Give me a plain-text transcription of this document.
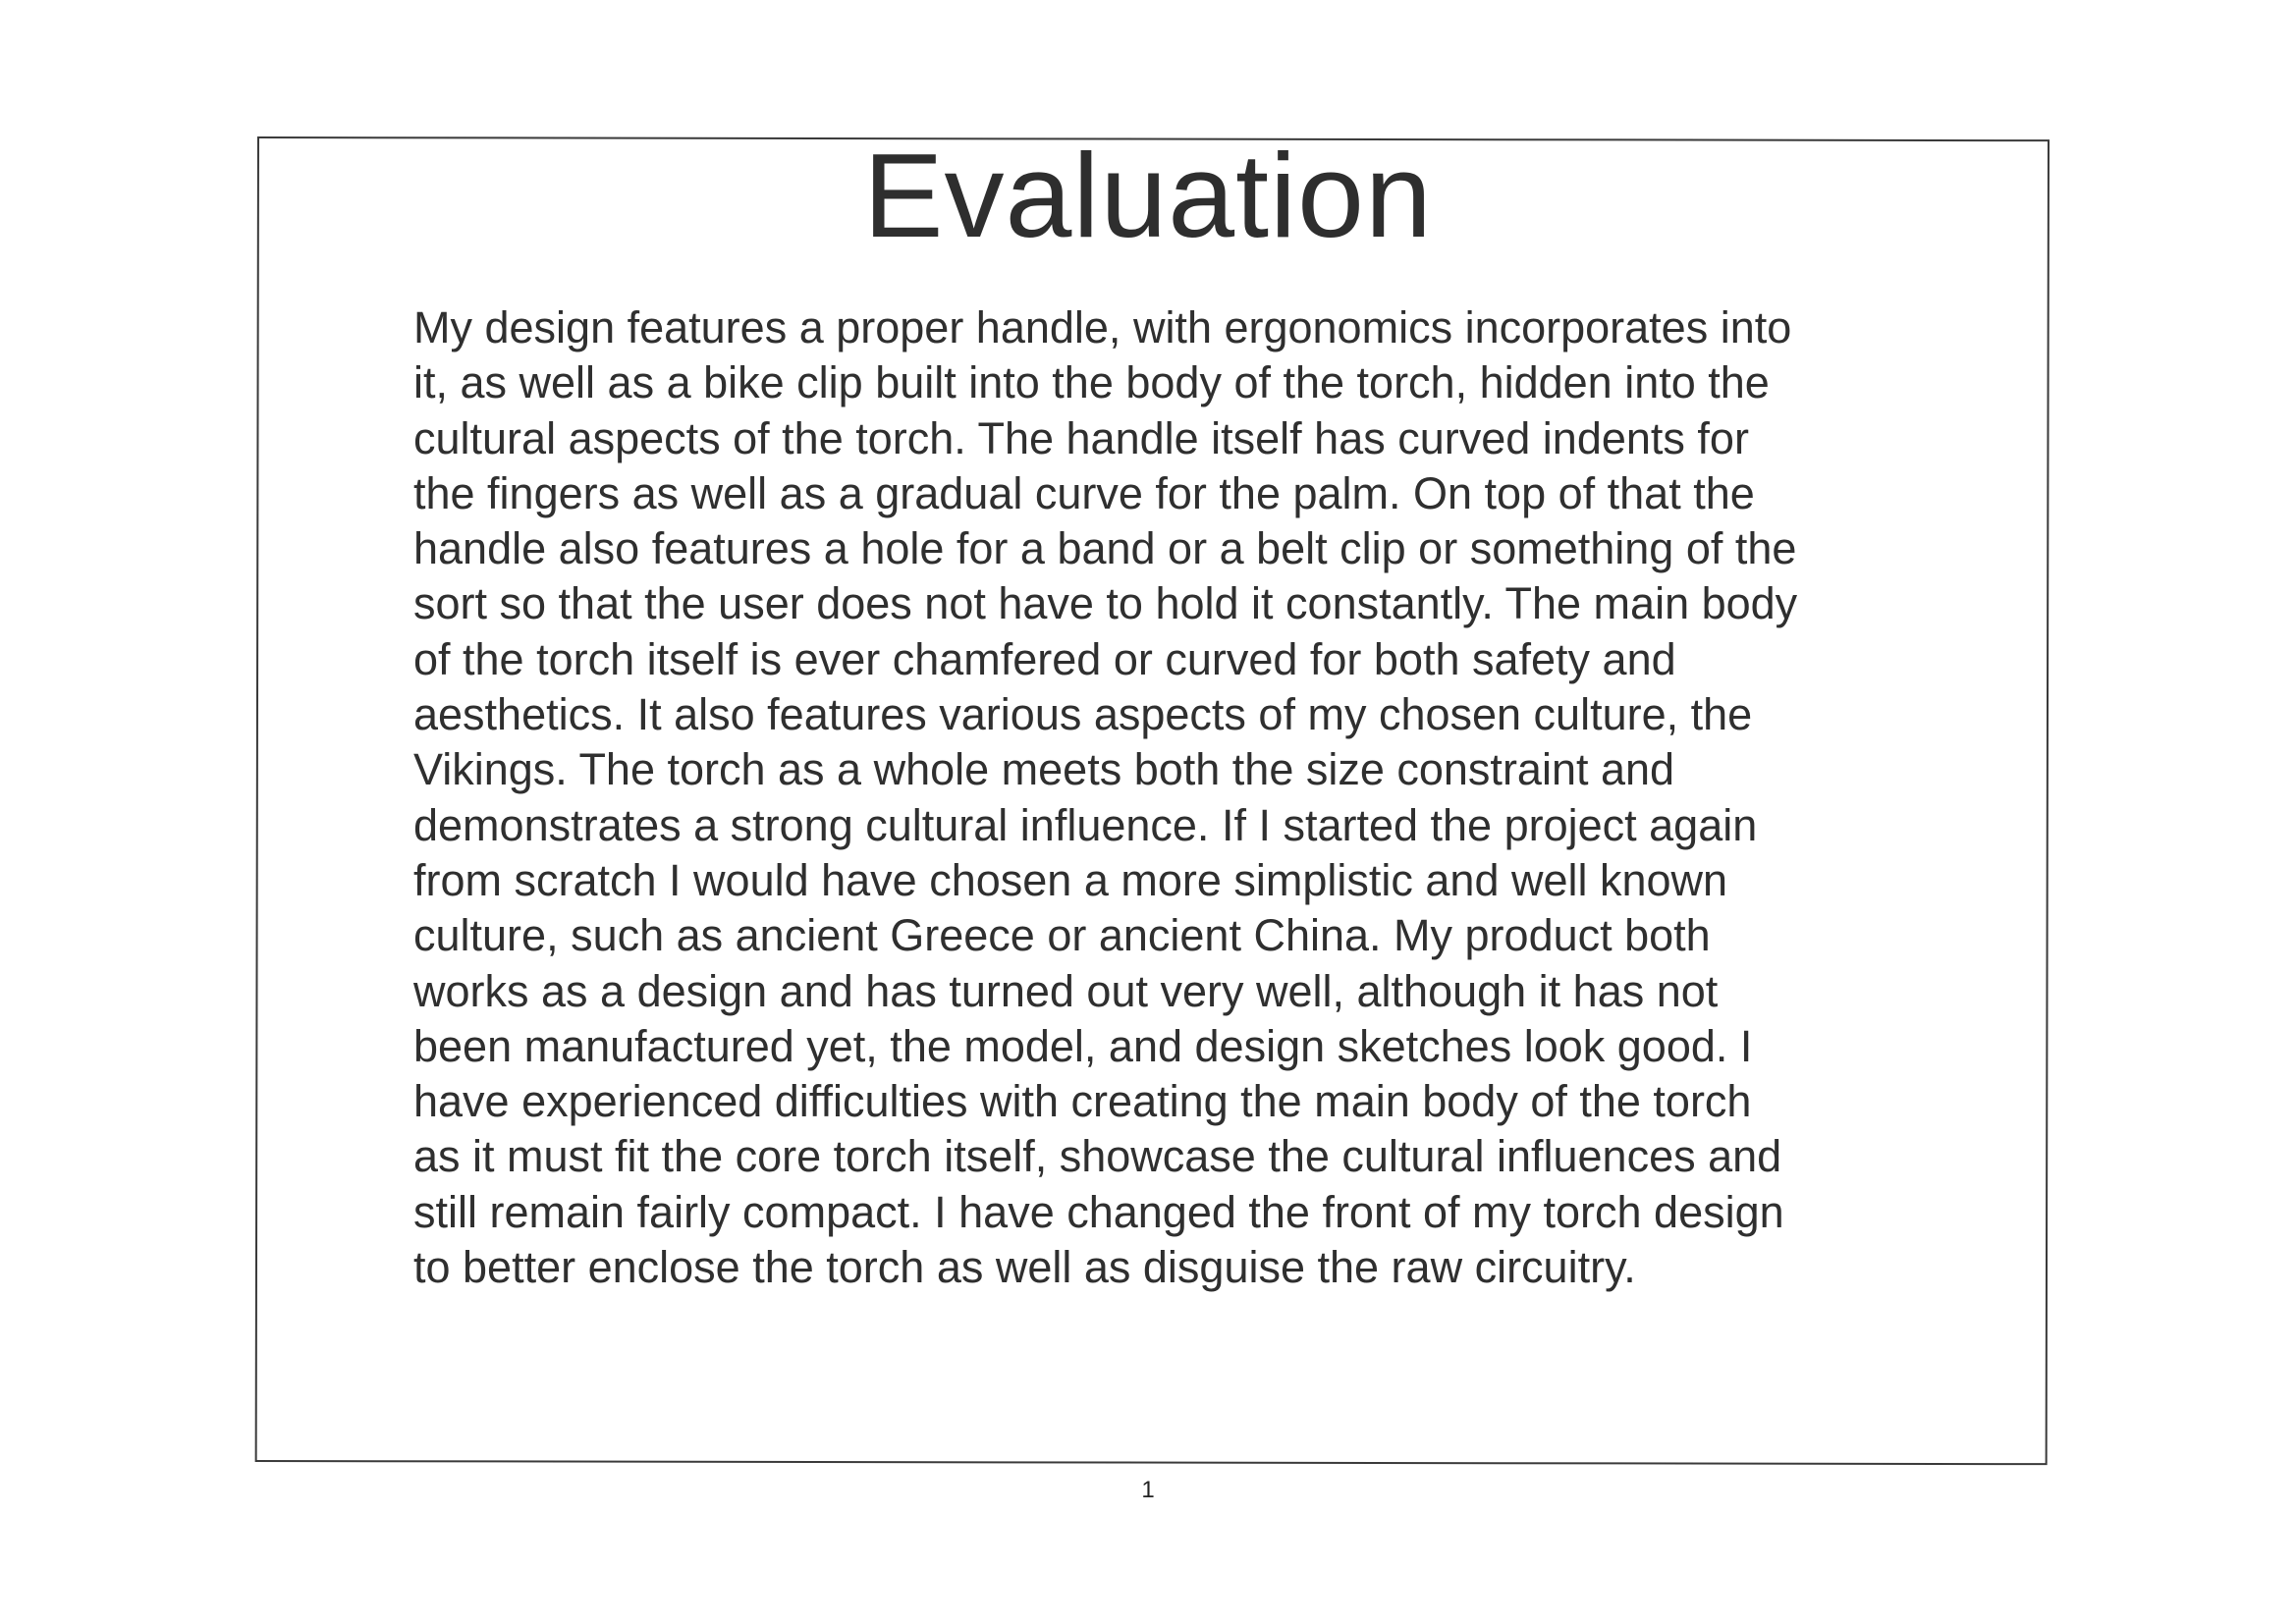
Evaluation

My design features a proper handle, with ergonomics incorporates into
it, as well as a bike clip built into the body of the torch, hidden into the
cultural aspects of the torch. The handle itself has curved indents for
the fingers as well as a gradual curve for the palm. On top of that the
handle also features a hole for a band or a belt clip or something of the
sort so that the user does not have to hold it constantly. The main body
of the torch itself is ever chamfered or curved for both safety and
aesthetics. It also features various aspects of my chosen culture, the
Vikings. The torch as a whole meets both the size constraint and
demonstrates a strong cultural influence. If I started the project again
from scratch I would have chosen a more simplistic and well known
culture, such as ancient Greece or ancient China. My product both
works as a design and has turned out very well, although it has not
been manufactured yet, the model, and design sketches look good. I
have experienced difficulties with creating the main body of the torch
as it must fit the core torch itself, showcase the cultural influences and
still remain fairly compact. I have changed the front of my torch design
to better enclose the torch as well as disguise the raw circuitry.

1
